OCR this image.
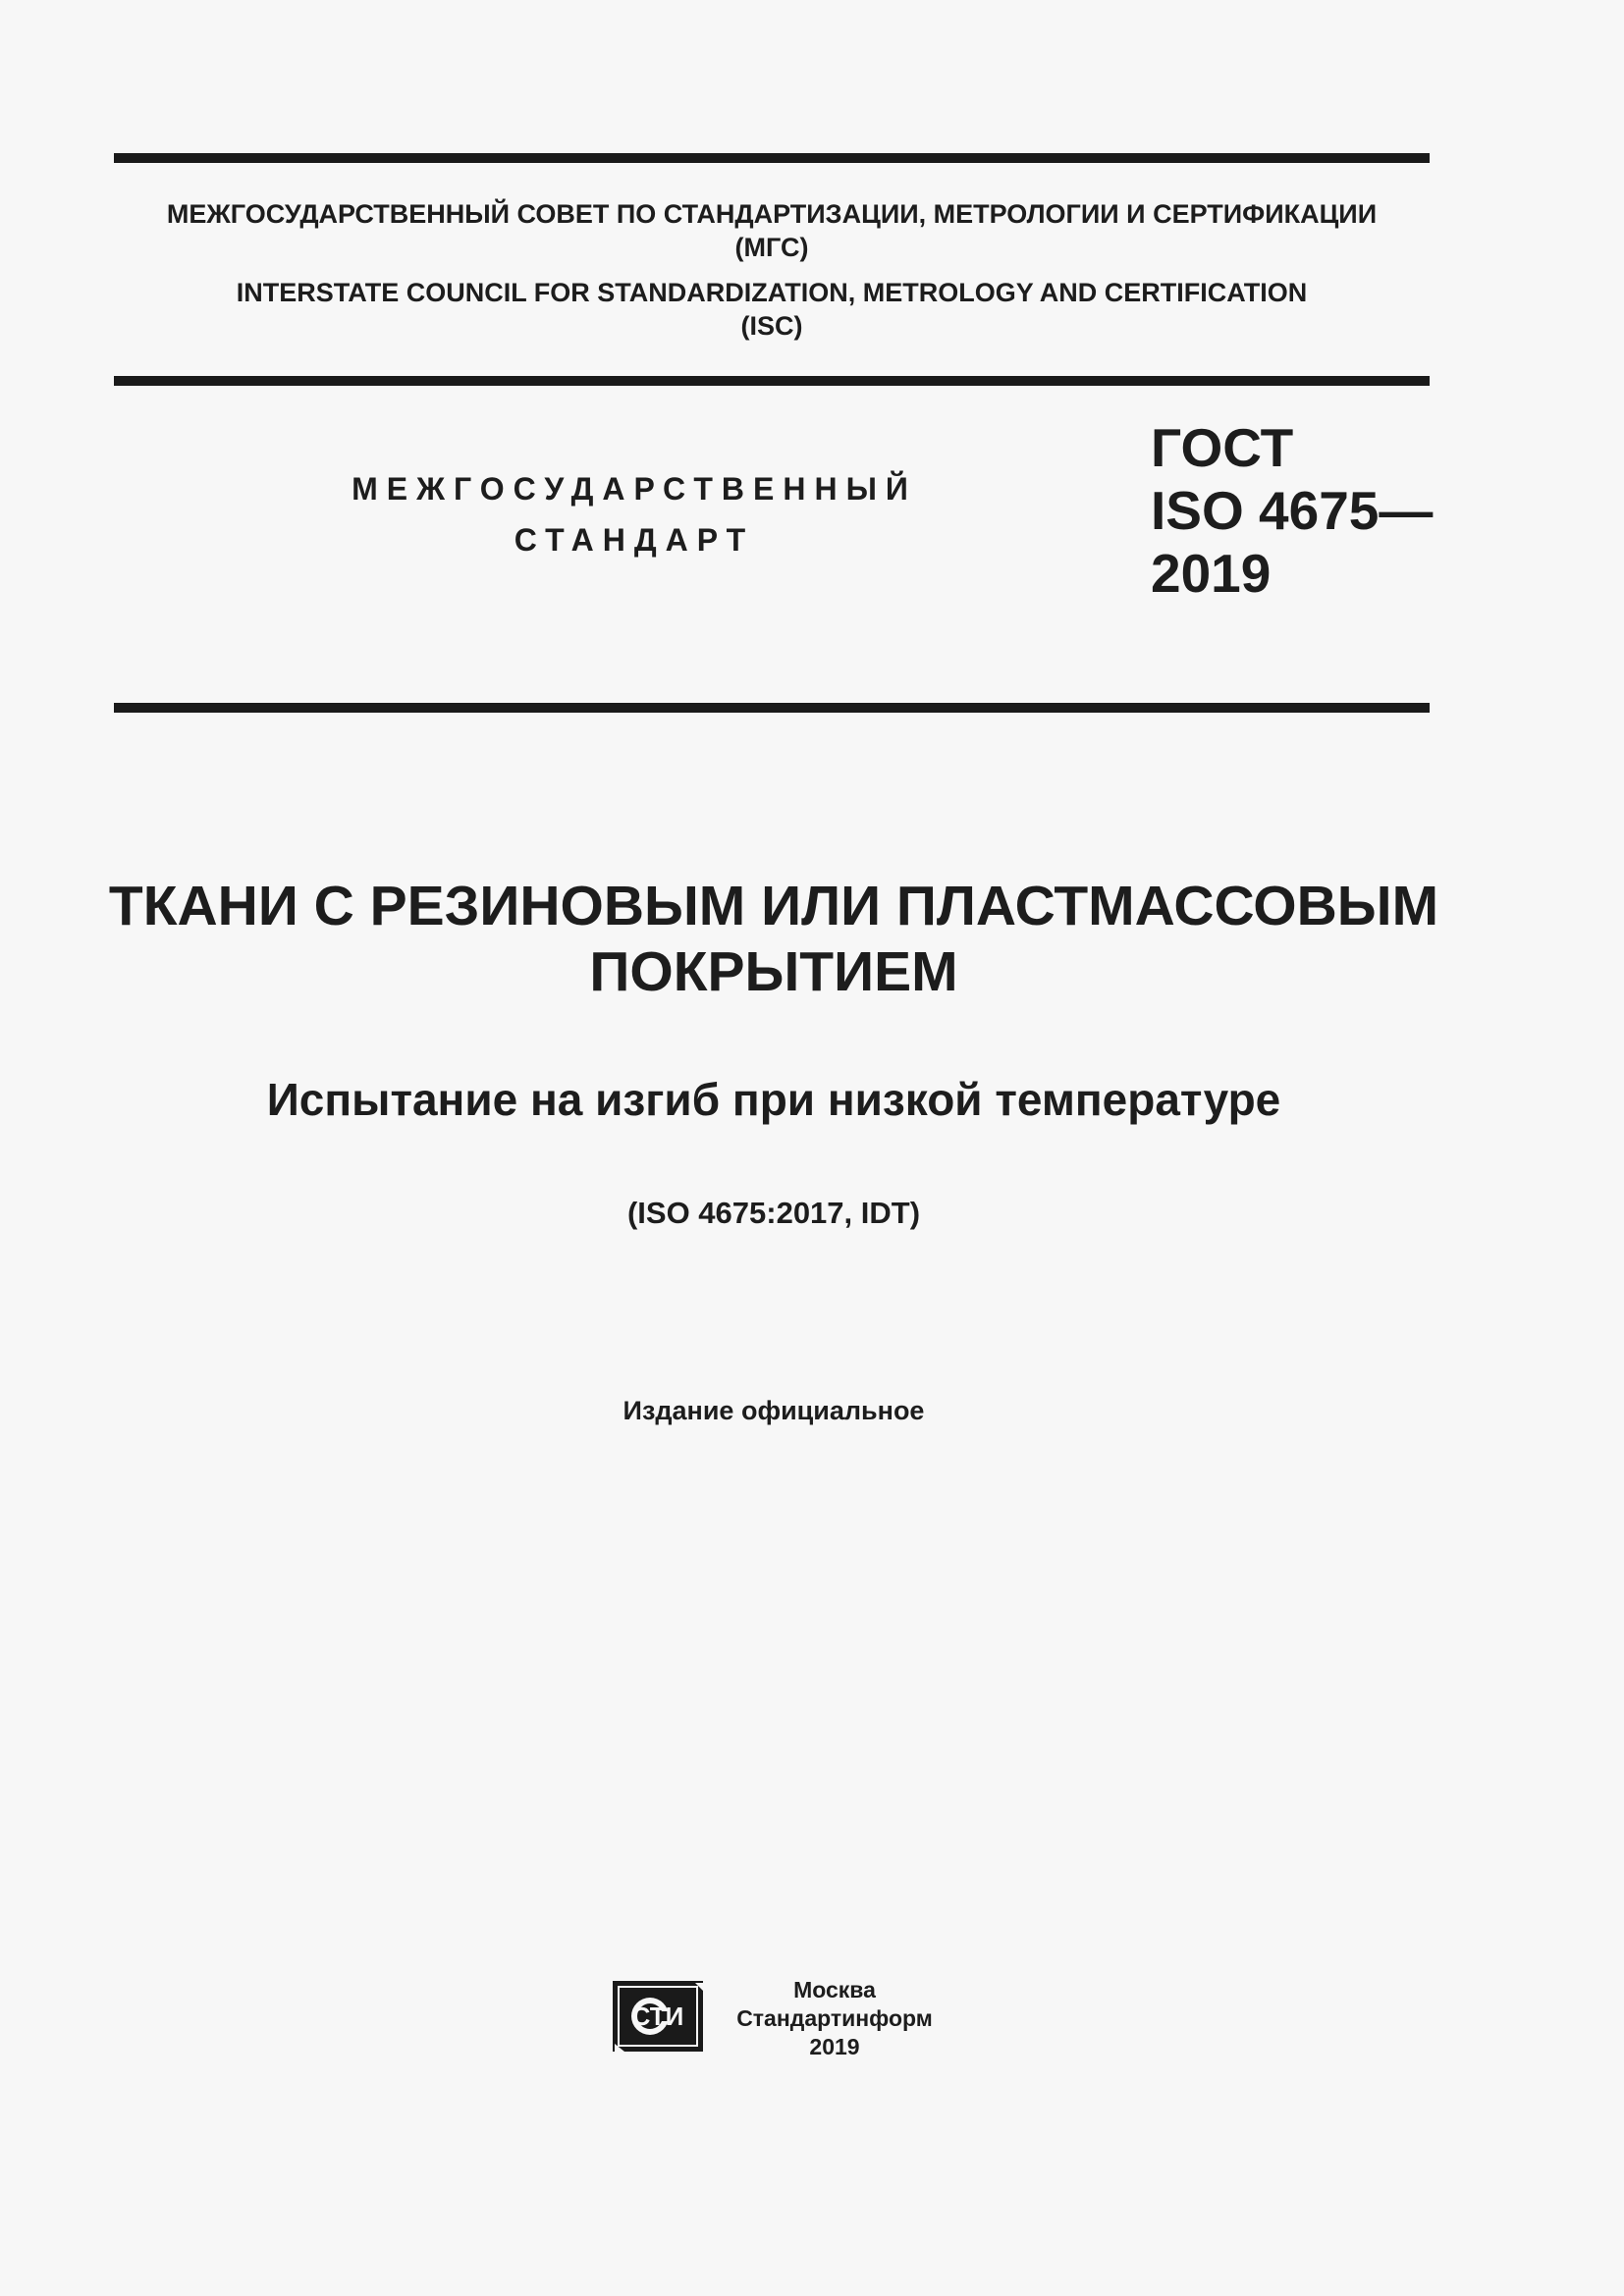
МЕЖГОСУДАРСТВЕННЫЙ СОВЕТ ПО СТАНДАРТИЗАЦИИ, МЕТРОЛОГИИ И СЕРТИФИКАЦИИ
(МГС)
INTERSTATE COUNCIL FOR STANDARDIZATION, METROLOGY AND CERTIFICATION
(ISC)
МЕЖГОСУДАРСТВЕННЫЙ
СТАНДАРТ
ГОСТ
ISO 4675—
2019
ТКАНИ С РЕЗИНОВЫМ ИЛИ ПЛАСТМАССОВЫМ
ПОКРЫТИЕМ
Испытание на изгиб при низкой температуре
(ISO 4675:2017, IDT)
Издание официальное
СТИ
Москва
Стандартинформ
2019
